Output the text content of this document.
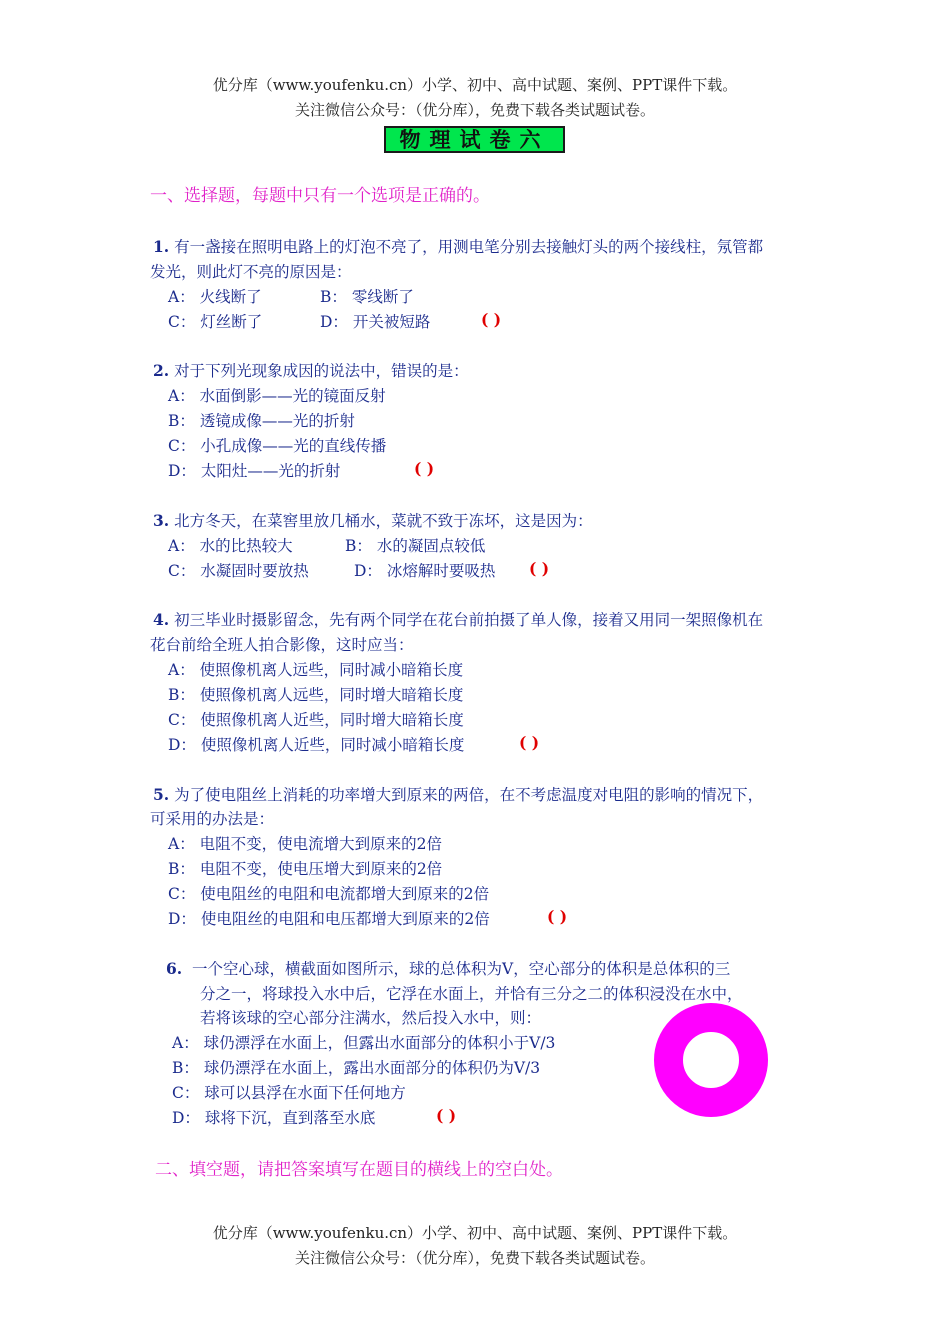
优分库（www.youfenku.cn）小学、初中、高中试题、案例、PPT课件下载。
关注微信公众号：（优分库），免费下载各类试题试卷。
物理试卷六
一、选择题，每题中只有一个选项是正确的。
1. 有一盏接在照明电路上的灯泡不亮了，用测电笔分别去接触灯头的两个接线柱，氖管都
发光，则此灯不亮的原因是：
A： 火线断了	B： 零线断了
C： 灯丝断了	D： 开关被短路	( )
2. 对于下列光现象成因的说法中，错误的是：
A： 水面倒影——光的镜面反射
B： 透镜成像——光的折射
C： 小孔成像——光的直线传播
D： 太阳灶——光的折射	( )
3. 北方冬天，在菜窖里放几桶水，菜就不致于冻坏，这是因为：
A： 水的比热较大	B： 水的凝固点较低
C： 水凝固时要放热	D： 冰熔解时要吸热 ( )
4. 初三毕业时摄影留念，先有两个同学在花台前拍摄了单人像，接着又用同一架照像机在
花台前给全班人拍合影像，这时应当：
A： 使照像机离人远些，同时减小暗箱长度
B： 使照像机离人远些，同时增大暗箱长度
C： 使照像机离人近些，同时增大暗箱长度
D： 使照像机离人近些，同时减小暗箱长度	( )
5. 为了使电阻丝上消耗的功率增大到原来的两倍，在不考虑温度对电阻的影响的情况下，
可采用的办法是：
A： 电阻不变，使电流增大到原来的2倍
B： 电阻不变，使电压增大到原来的2倍
C： 使电阻丝的电阻和电流都增大到原来的2倍
D： 使电阻丝的电阻和电压都增大到原来的2倍	( )
6. 一个空心球，横截面如图所示，球的总体积为V，空心部分的体积是总体积的三
分之一，将球投入水中后，它浮在水面上，并恰有三分之二的体积浸没在水中，
若将该球的空心部分注满水，然后投入水中，则：
A： 球仍漂浮在水面上，但露出水面部分的体积小于V/3
B： 球仍漂浮在水面上，露出水面部分的体积仍为V/3
C： 球可以县浮在水面下任何地方
D： 球将下沉，直到落至水底	( )
二、填空题，请把答案填写在题目的横线上的空白处。
优分库（www.youfenku.cn）小学、初中、高中试题、案例、PPT课件下载。
关注微信公众号：（优分库），免费下载各类试题试卷。
